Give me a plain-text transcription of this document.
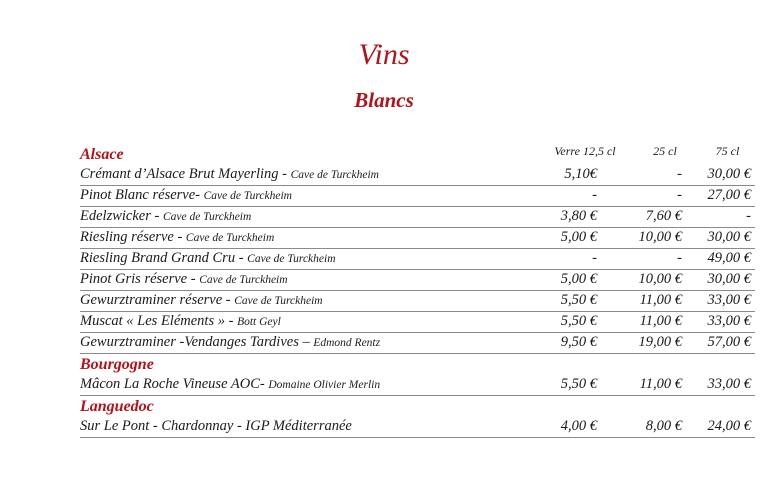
Vins
Blancs
Alsace	Verre 12,5 cl	25 cl	75 cl
Crémant d’Alsace Brut Mayerling - Cave de Turckheim	5,10€	- 30,00 €
Pinot Blanc réserve- Cave de Turckheim	-	- 27,00 €
Edelzwicker - Cave de Turckheim	3,80 €	7,60 €	-
Riesling réserve - Cave de Turckheim	5,00 €	10,00 € 30,00 €
Riesling Brand Grand Cru - Cave de Turckheim	-	- 49,00 €
Pinot Gris réserve - Cave de Turckheim	5,00 €	10,00 € 30,00 €
Gewurztraminer réserve - Cave de Turckheim	5,50 €	11,00 € 33,00 €
Muscat « Les Eléments » - Bott Geyl	5,50 €	11,00 € 33,00 €
Gewurztraminer -Vendanges Tardives – Edmond Rentz	9,50 €	19,00 € 57,00 €
Bourgogne
Mâcon La Roche Vineuse AOC- Domaine Olivier Merlin	5,50 €	11,00 € 33,00 €
Languedoc
Sur Le Pont - Chardonnay - IGP Méditerranée	4,00 €	8,00 € 24,00 €
